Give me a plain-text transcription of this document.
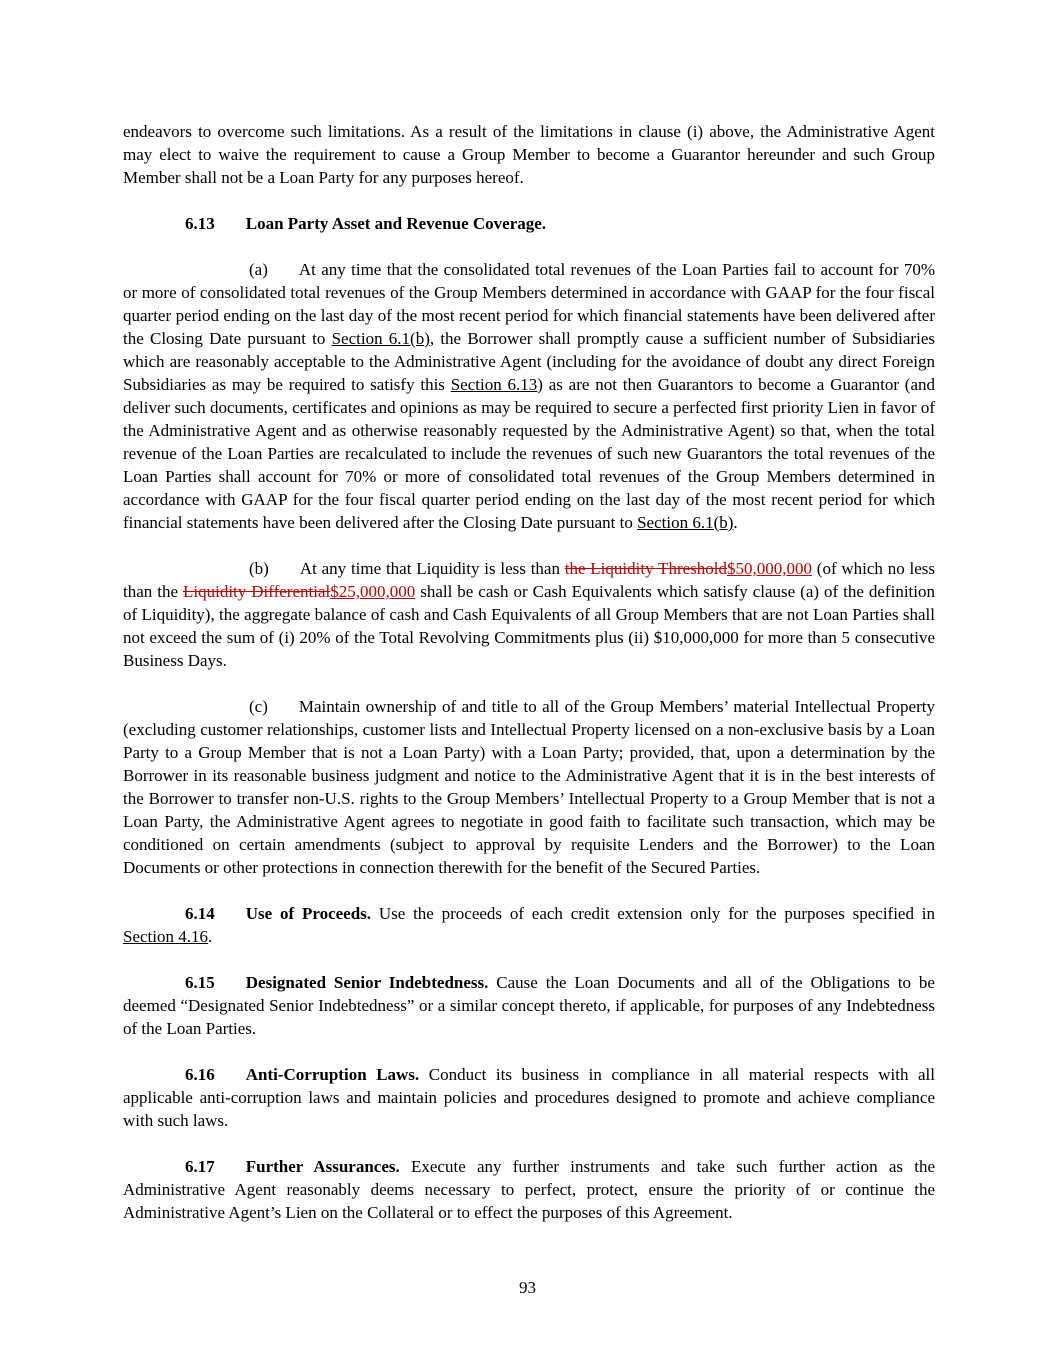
endeavors to overcome such limitations. As a result of the limitations in clause (i) above, the Administrative Agent may elect to waive the requirement to cause a Group Member to become a Guarantor hereunder and such Group Member shall not be a Loan Party for any purposes hereof.

6.13 Loan Party Asset and Revenue Coverage.

(a) At any time that the consolidated total revenues of the Loan Parties fail to account for 70% or more of consolidated total revenues of the Group Members determined in accordance with GAAP for the four fiscal quarter period ending on the last day of the most recent period for which financial statements have been delivered after the Closing Date pursuant to Section 6.1(b), the Borrower shall promptly cause a sufficient number of Subsidiaries which are reasonably acceptable to the Administrative Agent (including for the avoidance of doubt any direct Foreign Subsidiaries as may be required to satisfy this Section 6.13) as are not then Guarantors to become a Guarantor (and deliver such documents, certificates and opinions as may be required to secure a perfected first priority Lien in favor of the Administrative Agent and as otherwise reasonably requested by the Administrative Agent) so that, when the total revenue of the Loan Parties are recalculated to include the revenues of such new Guarantors the total revenues of the Loan Parties shall account for 70% or more of consolidated total revenues of the Group Members determined in accordance with GAAP for the four fiscal quarter period ending on the last day of the most recent period for which financial statements have been delivered after the Closing Date pursuant to Section 6.1(b).

(b) At any time that Liquidity is less than the Liquidity Threshold$50,000,000 (of which no less than the Liquidity Differential$25,000,000 shall be cash or Cash Equivalents which satisfy clause (a) of the definition of Liquidity), the aggregate balance of cash and Cash Equivalents of all Group Members that are not Loan Parties shall not exceed the sum of (i) 20% of the Total Revolving Commitments plus (ii) $10,000,000 for more than 5 consecutive Business Days.

(c) Maintain ownership of and title to all of the Group Members’ material Intellectual Property (excluding customer relationships, customer lists and Intellectual Property licensed on a non-exclusive basis by a Loan Party to a Group Member that is not a Loan Party) with a Loan Party; provided, that, upon a determination by the Borrower in its reasonable business judgment and notice to the Administrative Agent that it is in the best interests of the Borrower to transfer non-U.S. rights to the Group Members’ Intellectual Property to a Group Member that is not a Loan Party, the Administrative Agent agrees to negotiate in good faith to facilitate such transaction, which may be conditioned on certain amendments (subject to approval by requisite Lenders and the Borrower) to the Loan Documents or other protections in connection therewith for the benefit of the Secured Parties.

6.14 Use of Proceeds. Use the proceeds of each credit extension only for the purposes specified in Section 4.16.

6.15 Designated Senior Indebtedness. Cause the Loan Documents and all of the Obligations to be deemed “Designated Senior Indebtedness” or a similar concept thereto, if applicable, for purposes of any Indebtedness of the Loan Parties.

6.16 Anti-Corruption Laws. Conduct its business in compliance in all material respects with all applicable anti-corruption laws and maintain policies and procedures designed to promote and achieve compliance with such laws.

6.17 Further Assurances. Execute any further instruments and take such further action as the Administrative Agent reasonably deems necessary to perfect, protect, ensure the priority of or continue the Administrative Agent’s Lien on the Collateral or to effect the purposes of this Agreement.

93
